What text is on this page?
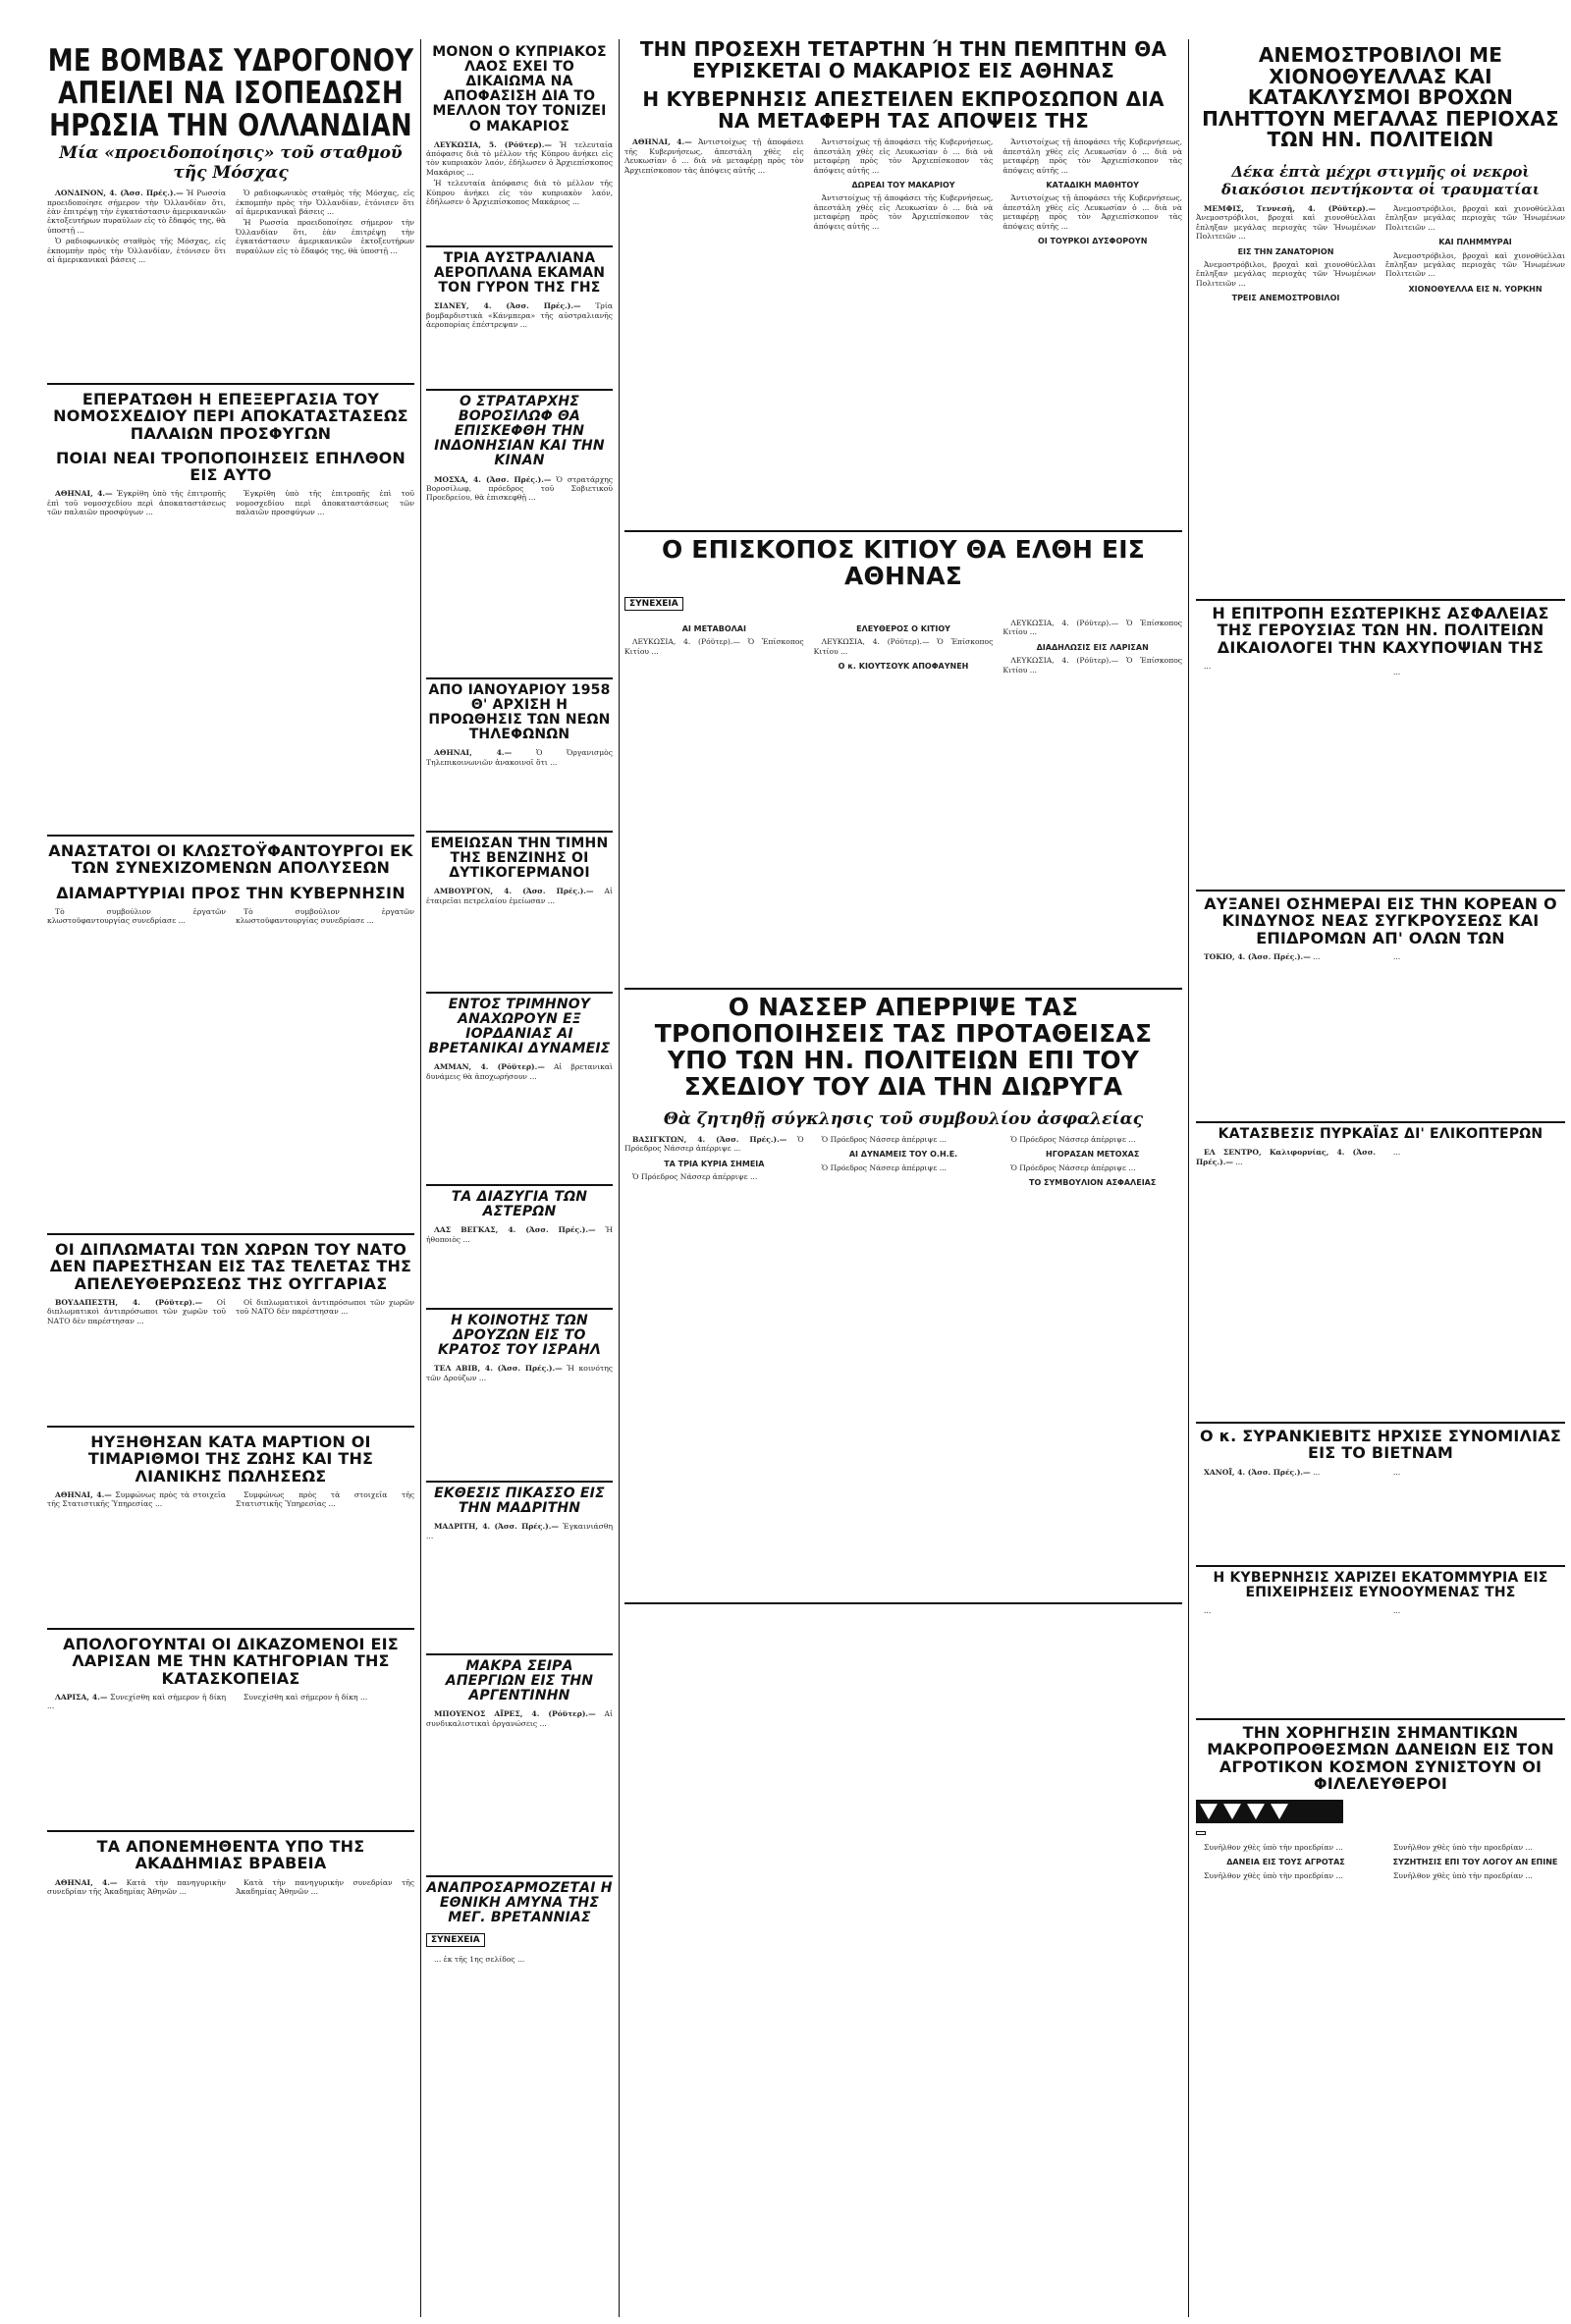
ΜΕ ΒΟΜΒΑΣ ΥΔΡΟΓΟΝΟΥ ΑΠΕΙΛΕΙ ΝΑ ΙΣΟΠΕΔΩΣΗ ΗΡΩΣΙΑ ΤΗΝ ΟΛΛΑΝΔΙΑΝ
Μία «προειδοποίησις» τοῦ σταθμοῦ τῆς Μόσχας

ΛΟΝΔΙΝΟΝ, 4. (Ἀσσ. Πρές.).— Ἡ Ρωσσία προειδοποίησε σήμερον τὴν Ὀλλανδίαν ὅτι, ἐὰν ἐπιτρέψῃ τὴν ἐγκατάστασιν ἀμερικανικῶν ἐκτοξευτήρων πυραύλων εἰς τὸ ἔδαφός της, θὰ ὑποστῇ ...

Ὁ ραδιοφωνικὸς σταθμὸς τῆς Μόσχας, εἰς ἐκπομπὴν πρὸς τὴν Ὀλλανδίαν, ἐτόνισεν ὅτι αἱ ἀμερικανικαὶ βάσεις ...

Ὁ ραδιοφωνικὸς σταθμὸς τῆς Μόσχας, εἰς ἐκπομπὴν πρὸς τὴν Ὀλλανδίαν, ἐτόνισεν ὅτι αἱ ἀμερικανικαὶ βάσεις ...

Ἡ Ρωσσία προειδοποίησε σήμερον τὴν Ὀλλανδίαν ὅτι, ἐὰν ἐπιτρέψῃ τὴν ἐγκατάστασιν ἀμερικανικῶν ἐκτοξευτήρων πυραύλων εἰς τὸ ἔδαφός της, θὰ ὑποστῇ ...

ΜΟΝΟΝ Ο ΚΥΠΡΙΑΚΟΣ ΛΑΟΣ ΕΧΕΙ ΤΟ ΔΙΚΑΙΩΜΑ ΝΑ ΑΠΟΦΑΣΙΣΗ ΔΙΑ ΤΟ ΜΕΛΛΟΝ ΤΟΥ ΤΟΝΙΖΕΙ Ο ΜΑΚΑΡΙΟΣ

ΛΕΥΚΩΣΙΑ, 5. (Ρόϋτερ).— Ἡ τελευταία ἀπόφασις διὰ τὸ μέλλον τῆς Κύπρου ἀνήκει εἰς τὸν κυπριακὸν λαόν, ἐδήλωσεν ὁ Ἀρχιεπίσκοπος Μακάριος ...

Ἡ τελευταία ἀπόφασις διὰ τὸ μέλλον τῆς Κύπρου ἀνήκει εἰς τὸν κυπριακὸν λαόν, ἐδήλωσεν ὁ Ἀρχιεπίσκοπος Μακάριος ...

ΤΗΝ ΠΡΟΣΕΧΗ ΤΕΤΑΡΤΗΝ Ή ΤΗΝ ΠΕΜΠΤΗΝ ΘΑ ΕΥΡΙΣΚΕΤΑΙ Ο ΜΑΚΑΡΙΟΣ ΕΙΣ ΑΘΗΝΑΣ
Η ΚΥΒΕΡΝΗΣΙΣ ΑΠΕΣΤΕΙΛΕΝ ΕΚΠΡΟΣΩΠΟΝ ΔΙΑ ΝΑ ΜΕΤΑΦΕΡΗ ΤΑΣ ΑΠΟΨΕΙΣ ΤΗΣ

ΑΘΗΝΑΙ, 4.— Ἀντιστοίχως τῇ ἀποφάσει τῆς Κυβερνήσεως, ἀπεστάλη χθὲς εἰς Λευκωσίαν ὁ ... διὰ νὰ μεταφέρῃ πρὸς τὸν Ἀρχιεπίσκοπον τὰς ἀπόψεις αὐτῆς ...

Ἀντιστοίχως τῇ ἀποφάσει τῆς Κυβερνήσεως, ἀπεστάλη χθὲς εἰς Λευκωσίαν ὁ ... διὰ νὰ μεταφέρῃ πρὸς τὸν Ἀρχιεπίσκοπον τὰς ἀπόψεις αὐτῆς ...

ΔΩΡΕΑΙ ΤΟΥ ΜΑΚΑΡΙΟΥ

Ἀντιστοίχως τῇ ἀποφάσει τῆς Κυβερνήσεως, ἀπεστάλη χθὲς εἰς Λευκωσίαν ὁ ... διὰ νὰ μεταφέρῃ πρὸς τὸν Ἀρχιεπίσκοπον τὰς ἀπόψεις αὐτῆς ...

Ἀντιστοίχως τῇ ἀποφάσει τῆς Κυβερνήσεως, ἀπεστάλη χθὲς εἰς Λευκωσίαν ὁ ... διὰ νὰ μεταφέρῃ πρὸς τὸν Ἀρχιεπίσκοπον τὰς ἀπόψεις αὐτῆς ...

ΚΑΤΑΔΙΚΗ ΜΑΘΗΤΟΥ

Ἀντιστοίχως τῇ ἀποφάσει τῆς Κυβερνήσεως, ἀπεστάλη χθὲς εἰς Λευκωσίαν ὁ ... διὰ νὰ μεταφέρῃ πρὸς τὸν Ἀρχιεπίσκοπον τὰς ἀπόψεις αὐτῆς ...

ΟΙ ΤΟΥΡΚΟΙ ΔΥΣΦΟΡΟΥΝ
ΑΝΕΜΟΣΤΡΟΒΙΛΟΙ ΜΕ ΧΙΟΝΟΘΥΕΛΛΑΣ ΚΑΙ ΚΑΤΑΚΛΥΣΜΟΙ ΒΡΟΧΩΝ ΠΛΗΤΤΟΥΝ ΜΕΓΑΛΑΣ ΠΕΡΙΟΧΑΣ ΤΩΝ ΗΝ. ΠΟΛΙΤΕΙΩΝ
Δέκα ἑπτὰ μέχρι στιγμῆς οἱ νεκροὶ διακόσιοι πεντήκοντα οἱ τραυματίαι

ΜΕΜΦΙΣ, Τεννεσῆ, 4. (Ρόϋτερ).— Ἀνεμοστρόβιλοι, βροχαὶ καὶ χιονοθύελλαι ἔπληξαν μεγάλας περιοχὰς τῶν Ἡνωμένων Πολιτειῶν ...

ΕΙΣ ΤΗΝ ΖΑΝΑΤΟΡΙΟΝ

Ἀνεμοστρόβιλοι, βροχαὶ καὶ χιονοθύελλαι ἔπληξαν μεγάλας περιοχὰς τῶν Ἡνωμένων Πολιτειῶν ...

ΤΡΕΙΣ ΑΝΕΜΟΣΤΡΟΒΙΛΟΙ

Ἀνεμοστρόβιλοι, βροχαὶ καὶ χιονοθύελλαι ἔπληξαν μεγάλας περιοχὰς τῶν Ἡνωμένων Πολιτειῶν ...

ΚΑΙ ΠΛΗΜΜΥΡΑΙ

Ἀνεμοστρόβιλοι, βροχαὶ καὶ χιονοθύελλαι ἔπληξαν μεγάλας περιοχὰς τῶν Ἡνωμένων Πολιτειῶν ...

ΧΙΟΝΟΘΥΕΛΛΑ ΕΙΣ Ν. ΥΟΡΚΗΝ
ΤΡΙΑ ΑΥΣΤΡΑΛΙΑΝΑ ΑΕΡΟΠΛΑΝΑ ΕΚΑΜΑΝ ΤΟΝ ΓΥΡΟΝ ΤΗΣ ΓΗΣ

ΣΙΔΝΕΥ, 4. (Ἀσσ. Πρές.).— Τρία βομβαρδιστικὰ «Κάνμπερα» τῆς αὐστραλιανῆς ἀεροπορίας ἐπέστρεψαν ...

ΕΠΕΡΑΤΩΘΗ Η ΕΠΕΞΕΡΓΑΣΙΑ ΤΟΥ ΝΟΜΟΣΧΕΔΙΟΥ ΠΕΡΙ ΑΠΟΚΑΤΑΣΤΑΣΕΩΣ ΠΑΛΑΙΩΝ ΠΡΟΣΦΥΓΩΝ
ΠΟΙΑΙ ΝΕΑΙ ΤΡΟΠΟΠΟΙΗΣΕΙΣ ΕΠΗΛΘΟΝ ΕΙΣ ΑΥΤΟ

ΑΘΗΝΑΙ, 4.— Ἐγκρίθη ὑπὸ τῆς ἐπιτροπῆς ἐπὶ τοῦ νομοσχεδίου περὶ ἀποκαταστάσεως τῶν παλαιῶν προσφύγων ...

Ἐγκρίθη ὑπὸ τῆς ἐπιτροπῆς ἐπὶ τοῦ νομοσχεδίου περὶ ἀποκαταστάσεως τῶν παλαιῶν προσφύγων ...

Ο ΣΤΡΑΤΑΡΧΗΣ ΒΟΡΟΣΙΛΩΦ ΘΑ ΕΠΙΣΚΕΦΘΗ ΤΗΝ ΙΝΔΟΝΗΣΙΑΝ ΚΑΙ ΤΗΝ ΚΙΝΑΝ

ΜΟΣΧΑ, 4. (Ἀσσ. Πρές.).— Ὁ στρατάρχης Βοροσίλωφ, πρόεδρος τοῦ Σοβιετικοῦ Προεδρείου, θὰ ἐπισκεφθῇ ...

Ο ΕΠΙΣΚΟΠΟΣ ΚΙΤΙΟΥ ΘΑ ΕΛΘΗ ΕΙΣ ΑΘΗΝΑΣ
ΣΥΝΕΧΕΙΑ
ΑΙ ΜΕΤΑΒΟΛΑΙ

ΛΕΥΚΩΣΙΑ, 4. (Ρόϋτερ).— Ὁ Ἐπίσκοπος Κιτίου ...

ΕΛΕΥΘΕΡΟΣ Ο ΚΙΤΙΟΥ

ΛΕΥΚΩΣΙΑ, 4. (Ρόϋτερ).— Ὁ Ἐπίσκοπος Κιτίου ...

Ο κ. ΚΙΟΥΤΣΟΥΚ ΑΠΟΦΑΥΝΕΗ

ΛΕΥΚΩΣΙΑ, 4. (Ρόϋτερ).— Ὁ Ἐπίσκοπος Κιτίου ...

ΔΙΑΔΗΛΩΣΙΣ ΕΙΣ ΛΑΡΙΣΑΝ

ΛΕΥΚΩΣΙΑ, 4. (Ρόϋτερ).— Ὁ Ἐπίσκοπος Κιτίου ...

ΑΠΟ ΙΑΝΟΥΑΡΙΟΥ 1958 Θ' ΑΡΧΙΣΗ Η ΠΡΟΩΘΗΣΙΣ ΤΩΝ ΝΕΩΝ ΤΗΛΕΦΩΝΩΝ

ΑΘΗΝΑΙ, 4.—	Ὁ Ὀργανισμὸς Τηλεπικοινωνιῶν ἀνακοινοῖ ὅτι ...

Η ΕΠΙΤΡΟΠΗ ΕΣΩΤΕΡΙΚΗΣ ΑΣΦΑΛΕΙΑΣ ΤΗΣ ΓΕΡΟΥΣΙΑΣ ΤΩΝ ΗΝ. ΠΟΛΙΤΕΙΩΝ ΔΙΚΑΙΟΛΟΓΕΙ ΤΗΝ ΚΑΧΥΠΟΨΙΑΝ ΤΗΣ

...

...

ΑΝΑΣΤΑΤΟΙ ΟΙ ΚΛΩΣΤΟΫΦΑΝΤΟΥΡΓΟΙ ΕΚ ΤΩΝ ΣΥΝΕΧΙΖΟΜΕΝΩΝ ΑΠΟΛΥΣΕΩΝ
ΔΙΑΜΑΡΤΥΡΙΑΙ ΠΡΟΣ ΤΗΝ ΚΥΒΕΡΝΗΣΙΝ

Τὸ συμβούλιον ἐργατῶν κλωστοϋφαντουργίας συνεδρίασε ...

Τὸ συμβούλιον ἐργατῶν κλωστοϋφαντουργίας συνεδρίασε ...

ΕΜΕΙΩΣΑΝ ΤΗΝ ΤΙΜΗΝ ΤΗΣ ΒΕΝΖΙΝΗΣ ΟΙ ΔΥΤΙΚΟΓΕΡΜΑΝΟΙ

ΑΜΒΟΥΡΓΟΝ, 4. (Ἀσσ. Πρές.).— Αἱ ἑταιρεῖαι πετρελαίου ἐμείωσαν ...

ΕΝΤΟΣ ΤΡΙΜΗΝΟΥ ΑΝΑΧΩΡΟΥΝ ΕΞ ΙΟΡΔΑΝΙΑΣ ΑΙ ΒΡΕΤΑΝΙΚΑΙ ΔΥΝΑΜΕΙΣ

ΑΜΜΑΝ, 4. (Ρόϋτερ).— Αἱ βρετανικαὶ δυνάμεις θὰ ἀποχωρήσουν ...

Ο ΝΑΣΣΕΡ ΑΠΕΡΡΙΨΕ ΤΑΣ ΤΡΟΠΟΠΟΙΗΣΕΙΣ ΤΑΣ ΠΡΟΤΑΘΕΙΣΑΣ ΥΠΟ ΤΩΝ ΗΝ. ΠΟΛΙΤΕΙΩΝ ΕΠΙ ΤΟΥ ΣΧΕΔΙΟΥ ΤΟΥ ΔΙΑ ΤΗΝ ΔΙΩΡΥΓΑ
Θὰ ζητηθῇ σύγκλησις τοῦ συμβουλίου ἀσφαλείας

ΒΑΣΙΓΚΤΩΝ, 4. (Ἀσσ. Πρές.).— Ὁ Πρόεδρος Νάσσερ ἀπέρριψε ...

ΤΑ ΤΡΙΑ ΚΥΡΙΑ ΣΗΜΕΙΑ

Ὁ Πρόεδρος Νάσσερ ἀπέρριψε ...

Ὁ Πρόεδρος Νάσσερ ἀπέρριψε ...

ΑΙ ΔΥΝΑΜΕΙΣ ΤΟΥ Ο.Η.Ε.

Ὁ Πρόεδρος Νάσσερ ἀπέρριψε ...

Ὁ Πρόεδρος Νάσσερ ἀπέρριψε ...

ΗΓΟΡΑΣΑΝ ΜΕΤΟΧΑΣ

Ὁ Πρόεδρος Νάσσερ ἀπέρριψε ...

ΤΟ ΣΥΜΒΟΥΛΙΟΝ ΑΣΦΑΛΕΙΑΣ
ΑΥΞΑΝΕΙ ΟΣΗΜΕΡΑΙ ΕΙΣ ΤΗΝ ΚΟΡΕΑΝ Ο ΚΙΝΔΥΝΟΣ ΝΕΑΣ ΣΥΓΚΡΟΥΣΕΩΣ ΚΑΙ ΕΠΙΔΡΟΜΩΝ ΑΠ' ΟΛΩΝ ΤΩΝ

ΤΟΚΙΟ, 4. (Ἀσσ. Πρές.).— ...	...

ΤΑ ΔΙΑΖΥΓΙΑ ΤΩΝ ΑΣΤΕΡΩΝ

ΛΑΣ ΒΕΓΚΑΣ, 4. (Ἀσσ. Πρές.).— Ἡ ἠθοποιὸς ...

ΟΙ ΔΙΠΛΩΜΑΤΑΙ ΤΩΝ ΧΩΡΩΝ ΤΟΥ ΝΑΤΟ ΔΕΝ ΠΑΡΕΣΤΗΣΑΝ ΕΙΣ ΤΑΣ ΤΕΛΕΤΑΣ ΤΗΣ ΑΠΕΛΕΥΘΕΡΩΣΕΩΣ ΤΗΣ ΟΥΓΓΑΡΙΑΣ

ΒΟΥΔΑΠΕΣΤΗ, 4. (Ρόϋτερ).— Οἱ διπλωματικοὶ ἀντιπρόσωποι τῶν χωρῶν τοῦ ΝΑΤΟ δὲν παρέστησαν ...

Οἱ διπλωματικοὶ ἀντιπρόσωποι τῶν χωρῶν τοῦ ΝΑΤΟ δὲν παρέστησαν ...

ΚΑΤΑΣΒΕΣΙΣ ΠΥΡΚΑΪΑΣ ΔΙ' ΕΛΙΚΟΠΤΕΡΩΝ

ΕΛ ΣΕΝΤΡΟ, Καλιφορνίας, 4. (Ἀσσ. Πρές.).— ...

...

Η ΚΟΙΝΟΤΗΣ ΤΩΝ ΔΡΟΥΖΩΝ ΕΙΣ ΤΟ ΚΡΑΤΟΣ ΤΟΥ ΙΣΡΑΗΛ

ΤΕΛ ΑΒΙΒ, 4. (Ἀσσ. Πρές.).— Ἡ κοινότης τῶν Δρούζων ...

ΗΥΞΗΘΗΣΑΝ ΚΑΤΑ ΜΑΡΤΙΟΝ ΟΙ ΤΙΜΑΡΙΘΜΟΙ ΤΗΣ ΖΩΗΣ ΚΑΙ ΤΗΣ ΛΙΑΝΙΚΗΣ ΠΩΛΗΣΕΩΣ

ΑΘΗΝΑΙ, 4.— Συμφώνως πρὸς τὰ στοιχεῖα τῆς Στατιστικῆς Ὑπηρεσίας ...

Συμφώνως πρὸς τὰ στοιχεῖα τῆς Στατιστικῆς Ὑπηρεσίας ...

Ο κ. ΣΥΡΑΝΚΙΕΒΙΤΣ ΗΡΧΙΣΕ ΣΥΝΟΜΙΛΙΑΣ ΕΙΣ ΤΟ ΒΙΕΤΝΑΜ

ΧΑΝΟΪ, 4. (Ἀσσ. Πρές.).— ...	...

ΕΚΘΕΣΙΣ ΠΙΚΑΣΣΟ ΕΙΣ ΤΗΝ ΜΑΔΡΙΤΗΝ

ΜΑΔΡΙΤΗ, 4. (Ἀσσ. Πρές.).— Ἐγκαινιάσθη ...

Η ΚΥΒΕΡΝΗΣΙΣ ΧΑΡΙΖΕΙ ΕΚΑΤΟΜΜΥΡΙΑ ΕΙΣ ΕΠΙΧΕΙΡΗΣΕΙΣ ΕΥΝΟΟΥΜΕΝΑΣ ΤΗΣ

...	...

ΑΠΟΛΟΓΟΥΝΤΑΙ ΟΙ ΔΙΚΑΖΟΜΕΝΟΙ ΕΙΣ ΛΑΡΙΣΑΝ ΜΕ ΤΗΝ ΚΑΤΗΓΟΡΙΑΝ ΤΗΣ ΚΑΤΑΣΚΟΠΕΙΑΣ

ΛΑΡΙΣΑ, 4.— Συνεχίσθη καὶ σήμερον ἡ δίκη ...

Συνεχίσθη καὶ σήμερον ἡ δίκη ...

ΜΑΚΡΑ ΣΕΙΡΑ ΑΠΕΡΓΙΩΝ ΕΙΣ ΤΗΝ ΑΡΓΕΝΤΙΝΗΝ

ΜΠΟΥΕΝΟΣ ΑΪΡΕΣ, 4. (Ρόϋτερ).— Αἱ συνδικαλιστικαὶ ὀργανώσεις ...	ΤΗΝ ΧΟΡΗΓΗΣΙΝ ΣΗΜΑΝΤΙΚΩΝ ΜΑΚΡΟΠΡΟΘΕΣΜΩΝ ΔΑΝΕΙΩΝ ΕΙΣ ΤΟΝ ΑΓΡΟΤΙΚΟΝ ΚΟΣΜΟΝ ΣΥΝΙΣΤΟΥΝ ΟΙ ΦΙΛΕΛΕΥΘΕΡΟΙ

Συνῆλθον χθὲς ὑπὸ τὴν προεδρίαν ...

ΔΑΝΕΙΑ ΕΙΣ ΤΟΥΣ ΑΓΡΟΤΑΣ

Συνῆλθον χθὲς ὑπὸ τὴν προεδρίαν ...

Συνῆλθον χθὲς ὑπὸ τὴν προεδρίαν ...

ΣΥΖΗΤΗΣΙΣ ΕΠΙ ΤΟΥ ΛΟΓΟΥ ΑΝ ΕΠΙΝΕ

Συνῆλθον χθὲς ὑπὸ τὴν προεδρίαν ...

ΤΑ ΑΠΟΝΕΜΗΘΕΝΤΑ ΥΠΟ ΤΗΣ ΑΚΑΔΗΜΙΑΣ ΒΡΑΒΕΙΑ

ΑΘΗΝΑΙ, 4.— Κατὰ τὴν πανηγυρικὴν συνεδρίαν τῆς Ἀκαδημίας Ἀθηνῶν ...

Κατὰ τὴν πανηγυρικὴν συνεδρίαν τῆς Ἀκαδημίας Ἀθηνῶν ...	ΑΝΑΠΡΟΣΑΡΜΟΖΕΤΑΙ Η ΕΘΝΙΚΗ ΑΜΥΝΑ ΤΗΣ ΜΕΓ. ΒΡΕΤΑΝΝΙΑΣ
ΣΥΝΕΧΕΙΑ

... ἐκ τῆς 1ης σελίδος ...
